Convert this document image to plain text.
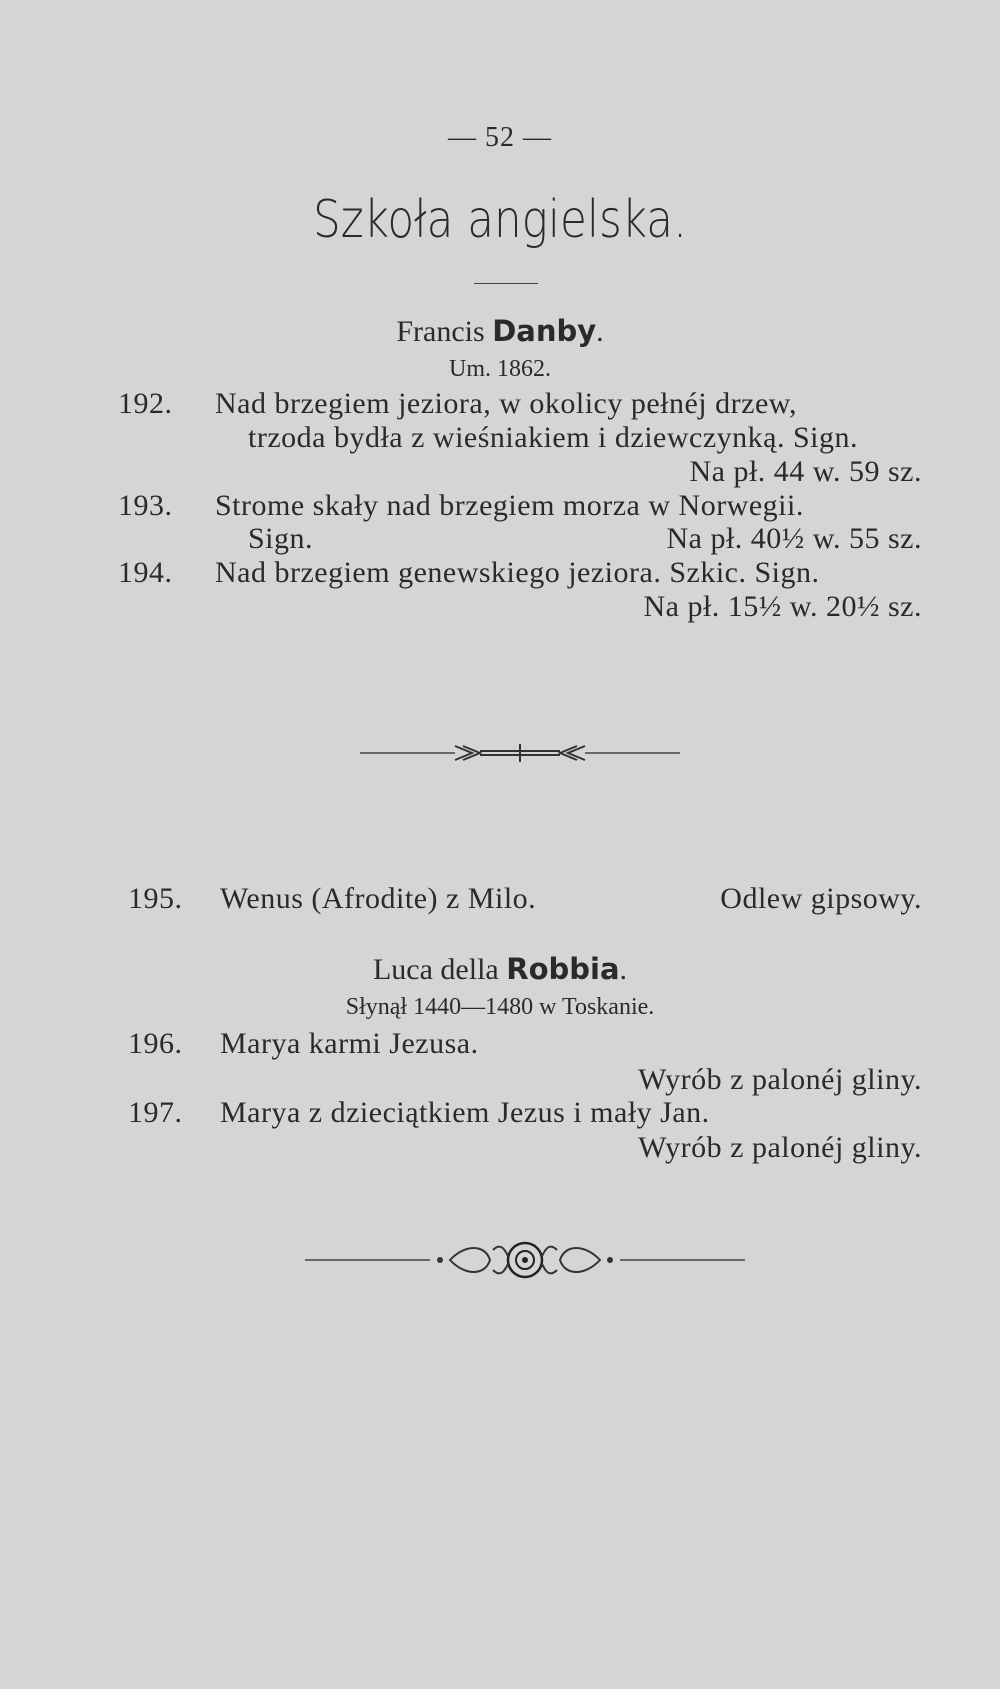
— 52 —
Szkoła angielska.
Francis Danby.
Um. 1862.
192. Nad brzegiem jeziora, w okolicy pełnéj drzew,
trzoda bydła z wieśniakiem i dziewczynką. Sign.
Na pł. 44 w. 59 sz.
193. Strome skały nad brzegiem morza w Norwegii.
Sign.	Na pł. 40½ w. 55 sz.
194. Nad brzegiem genewskiego jeziora. Szkic. Sign.
Na pł. 15½ w. 20½ sz.
195. Wenus (Afrodite) z Milo.	Odlew gipsowy.
Luca della Robbia.
Słynął 1440—1480 w Toskanie.
196. Marya karmi Jezusa.
Wyrób z palonéj gliny.
197. Marya z dzieciątkiem Jezus i mały Jan.
Wyrób z palonéj gliny.
